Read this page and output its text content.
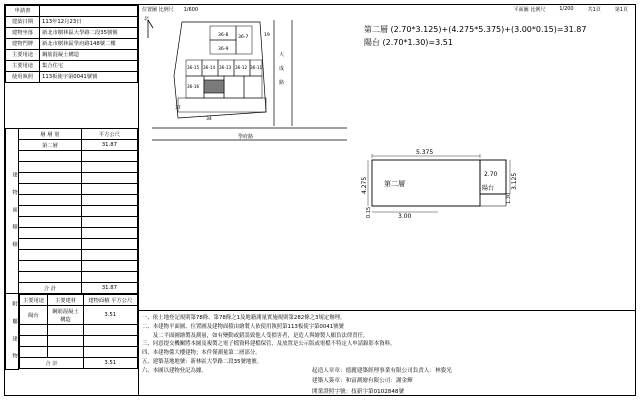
位置圖 比例尺 1/600	平面圖 比例尺	1/200	共1頁	第1頁
申請書	
建築日期	113年12月23日
建物坐落	新北市樹林區大學路二段35號號
建物門牌	新北市樹林區學府路148號二樓
主要用途	鋼筋混凝土構造
主要用途	集合住宅
使用執照	113板使字第0041號號
建 物 面 積 積
	層 層 別	平方公尺
第二層	31.87

合 計	31.87

附 屬 建 物

主要用途	主要建材	建物面積 平方公尺
陽台	鋼筋混凝土構造	3.51

合 計	3.51
第二層 (2.70*3.125)+(4.275*5.375)+(3.00*0.15)=31.87
陽台 (2.70*1.30)=3.51
北
36-8
36-9
36-7	19
36-15 36-14 36-13 36-12 36-11
36-16
37
34
大
成
路
學府路
5.375
4.275	3.125
2.70
陽台
1.30
3.00
0.15
第二層
一、依土地登記規則第78條、第78條之1及地籍測量實施規則第282條之3規定辦理。
二、本建物平面圖、位置圖及建物面積由繪製人依使用執照第113板使字第0041號號
　　及二平面圖繪製及測量，如有變動或錯誤致他人受損害者，是造人與繪製人願負法律責任。
三、同意提交機關將本圖及複製之電子檔資料建檔保管，及放置是公示版或電檔不特定人申請錄影本資料。
四、本建物係大樓建物；本件僅測量第二層部分。
五、建築基地地號：新林區大學路二段35號地號。
六、本圖以建物登記為據。	起造人章章：德麗建築經理事業有限公司負責人：林姿光
建築人簽章：和富測繪有限公司：謝金輝
開業證照字號：技新字第0102848號
